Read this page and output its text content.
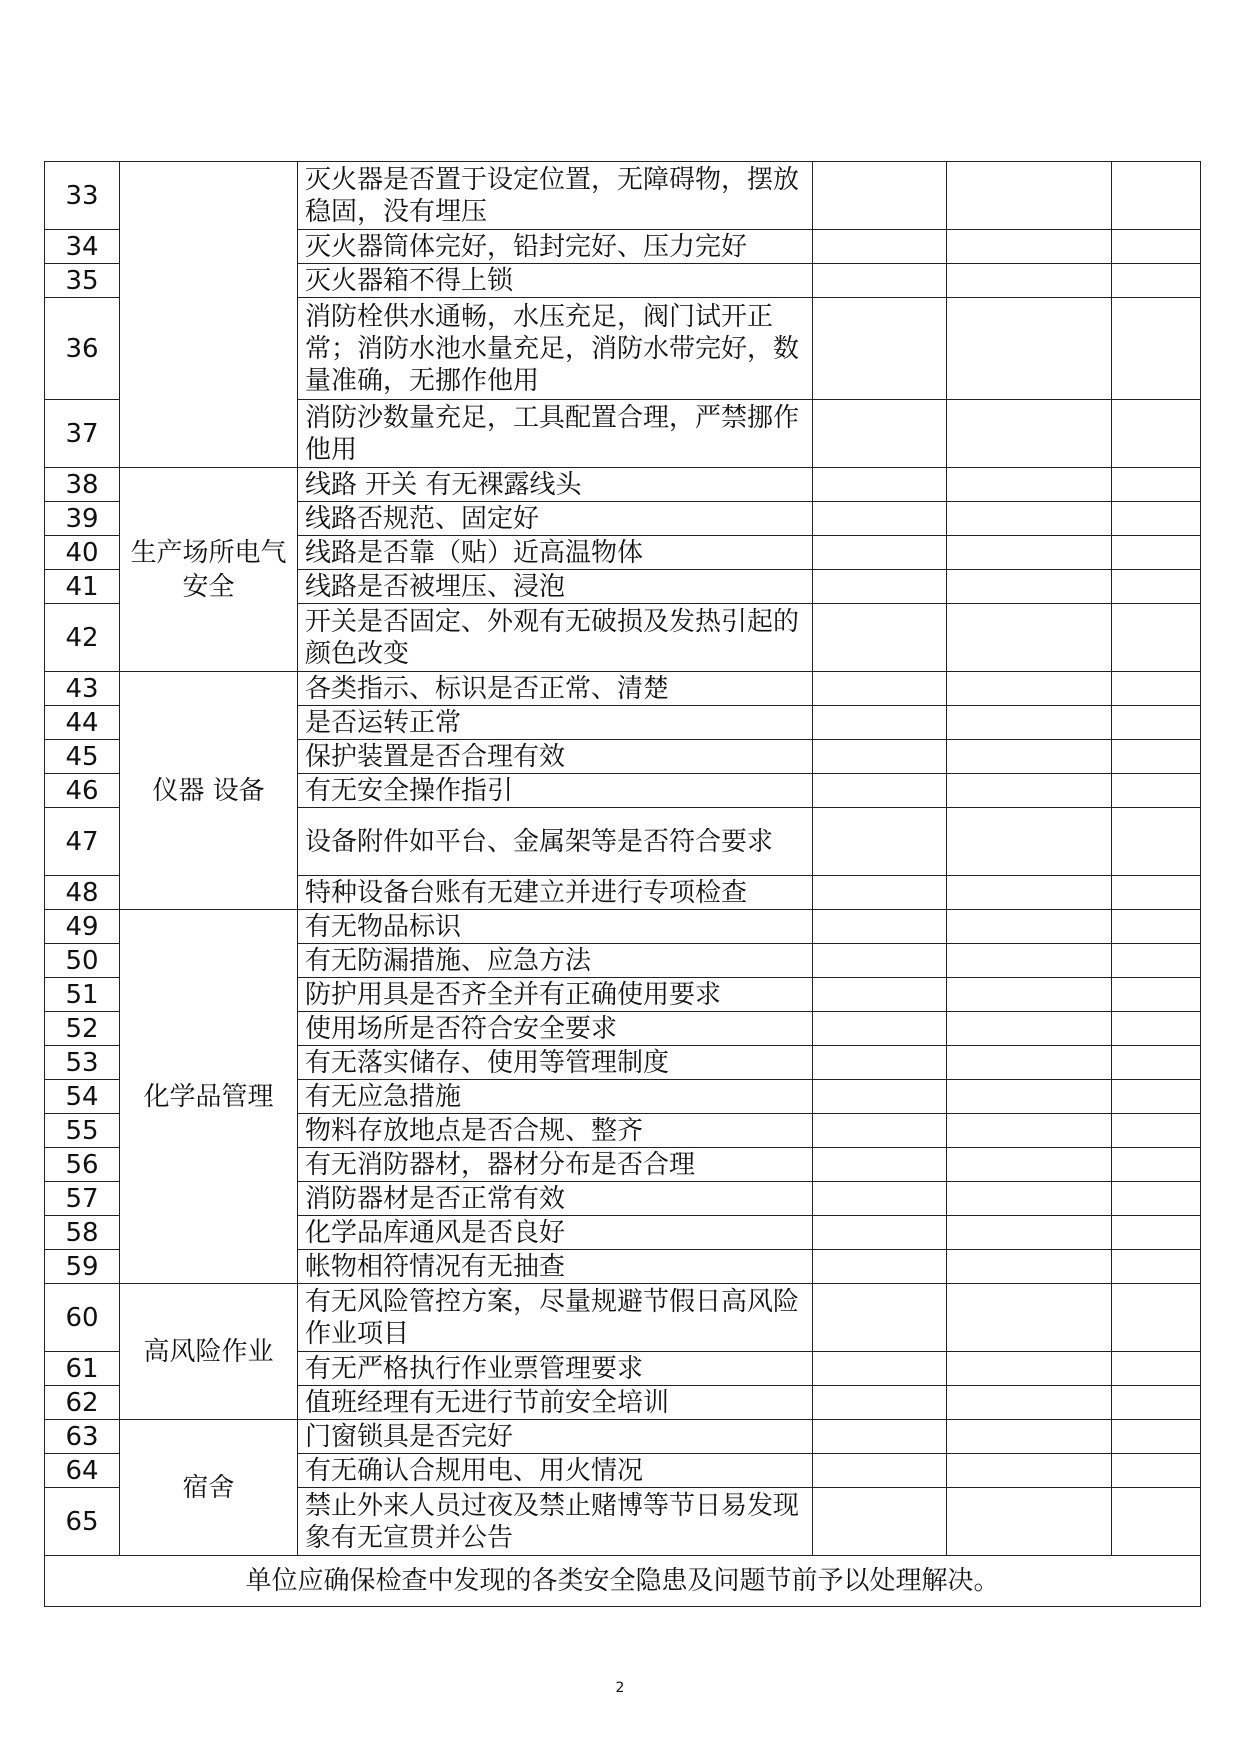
33		灭火器是否置于设定位置，无障碍物，摆放稳固，没有埋压			
34		灭火器筒体完好，铅封完好、压力完好			
35		灭火器箱不得上锁			
36		消防栓供水通畅，水压充足，阀门试开正常；消防水池水量充足，消防水带完好，数量准确，无挪作他用			
37		消防沙数量充足，工具配置合理，严禁挪作他用			
38	生产场所电气安全	线路 开关 有无裸露线头			
39		线路否规范、固定好			
40		线路是否靠（贴）近高温物体			
41		线路是否被埋压、浸泡			
42		开关是否固定、外观有无破损及发热引起的颜色改变			
43	仪器 设备	各类指示、标识是否正常、清楚			
44		是否运转正常			
45		保护装置是否合理有效			
46		有无安全操作指引			
47		设备附件如平台、金属架等是否符合要求			
48		特种设备台账有无建立并进行专项检查			
49	化学品管理	有无物品标识			
50		有无防漏措施、应急方法			
51		防护用具是否齐全并有正确使用要求			
52		使用场所是否符合安全要求			
53		有无落实储存、使用等管理制度			
54		有无应急措施			
55		物料存放地点是否合规、整齐			
56		有无消防器材，器材分布是否合理			
57		消防器材是否正常有效			
58		化学品库通风是否良好			
59		帐物相符情况有无抽查			
60	高风险作业	有无风险管控方案，尽量规避节假日高风险作业项目			
61		有无严格执行作业票管理要求			
62		值班经理有无进行节前安全培训			
63	宿舍	门窗锁具是否完好			
64		有无确认合规用电、用火情况			
65		禁止外来人员过夜及禁止赌博等节日易发现象有无宣贯并公告			
单位应确保检查中发现的各类安全隐患及问题节前予以处理解决。					
2
